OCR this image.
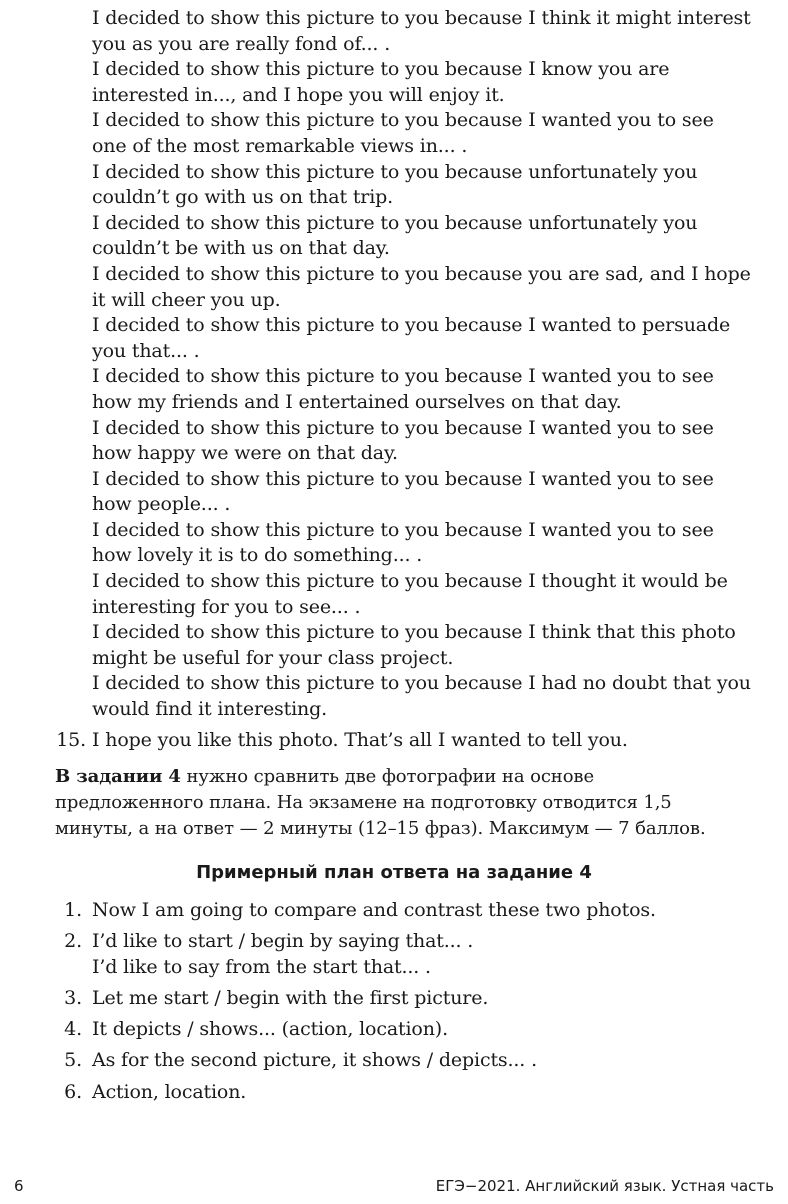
I decided to show this picture to you because I think it might interest you as you are really fond of... .

I decided to show this picture to you because I know you are interested in..., and I hope you will enjoy it.

I decided to show this picture to you because I wanted you to see one of the most remarkable views in... .

I decided to show this picture to you because unfortunately you couldn’t go with us on that trip.

I decided to show this picture to you because unfortunately you couldn’t be with us on that day.

I decided to show this picture to you because you are sad, and I hope it will cheer you up.

I decided to show this picture to you because I wanted to persuade you that... .

I decided to show this picture to you because I wanted you to see how my friends and I entertained ourselves on that day.

I decided to show this picture to you because I wanted you to see how happy we were on that day.

I decided to show this picture to you because I wanted you to see how people... .

I decided to show this picture to you because I wanted you to see how lovely it is to do something... .

I decided to show this picture to you because I thought it would be interesting for you to see... .

I decided to show this picture to you because I think that this photo might be useful for your class project.

I decided to show this picture to you because I had no doubt that you would find it interesting.

15. I hope you like this photo. That’s all I wanted to tell you.

В задании 4 нужно сравнить две фотографии на основе предложенного плана. На экзамене на подготовку отводится 1,5 минуты, а на ответ — 2 минуты (12–15 фраз). Максимум — 7 баллов.

Примерный план ответа на задание 4
1. Now I am going to compare and contrast these two photos.
2. I’d like to start / begin by saying that... .
I’d like to say from the start that... .
3. Let me start / begin with the first picture.
4. It depicts / shows... (action, location).
5. As for the second picture, it shows / depicts... .
6. Action, location.
6	ЕГЭ−2021. Английский язык. Устная часть
